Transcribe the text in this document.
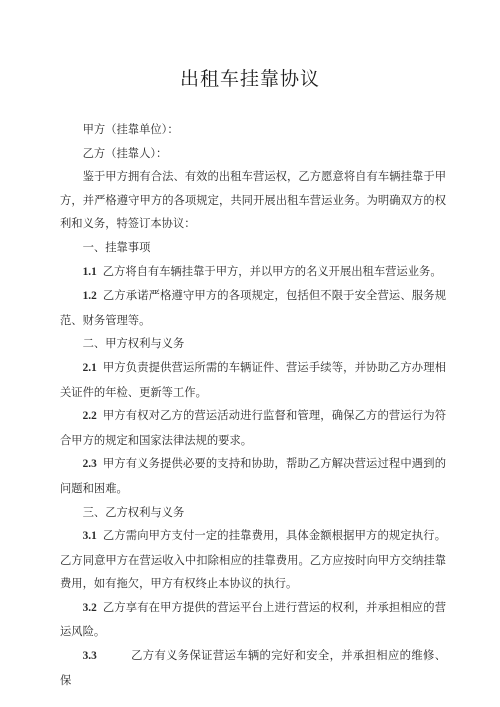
出租车挂靠协议

甲方（挂靠单位）：

乙方（挂靠人）：

鉴于甲方拥有合法、有效的出租车营运权，乙方愿意将自有车辆挂靠于甲方，并严格遵守甲方的各项规定，共同开展出租车营运业务。为明确双方的权利和义务，特签订本协议：

一、挂靠事项

1.1 乙方将自有车辆挂靠于甲方，并以甲方的名义开展出租车营运业务。

1.2 乙方承诺严格遵守甲方的各项规定，包括但不限于安全营运、服务规范、财务管理等。

二、甲方权利与义务

2.1 甲方负责提供营运所需的车辆证件、营运手续等，并协助乙方办理相关证件的年检、更新等工作。

2.2 甲方有权对乙方的营运活动进行监督和管理，确保乙方的营运行为符合甲方的规定和国家法律法规的要求。

2.3 甲方有义务提供必要的支持和协助，帮助乙方解决营运过程中遇到的问题和困难。

三、乙方权利与义务

3.1 乙方需向甲方支付一定的挂靠费用，具体金额根据甲方的规定执行。乙方同意甲方在营运收入中扣除相应的挂靠费用。乙方应按时向甲方交纳挂靠费用，如有拖欠，甲方有权终止本协议的执行。

3.2 乙方享有在甲方提供的营运平台上进行营运的权利，并承担相应的营运风险。

3.3	乙方有义务保证营运车辆的完好和安全，并承担相应的维修、保
